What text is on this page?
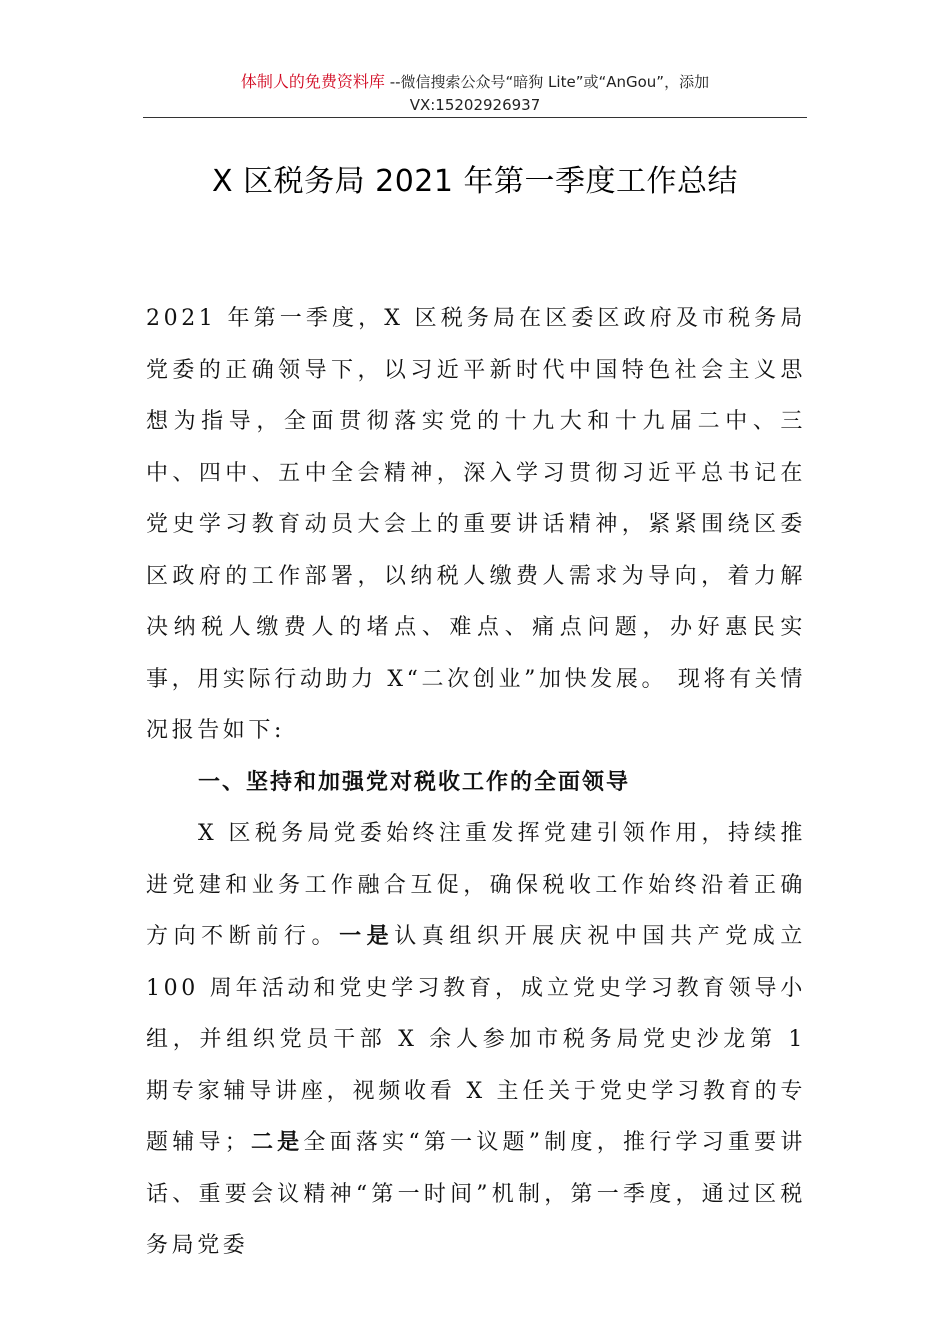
体制人的免费资料库 --微信搜索公众号“暗狗 Lite”或“AnGou”，添加
VX:15202926937
X 区税务局 2021 年第一季度工作总结

2021 年第一季度，X 区税务局在区委区政府及市税务局党委的正确领导下，以习近平新时代中国特色社会主义思想为指导，全面贯彻落实党的十九大和十九届二中、三中、四中、五中全会精神，深入学习贯彻习近平总书记在党史学习教育动员大会上的重要讲话精神，紧紧围绕区委区政府的工作部署，以纳税人缴费人需求为导向，着力解决纳税人缴费人的堵点、难点、痛点问题，办好惠民实事，用实际行动助力 X“二次创业”加快发展。 现将有关情况报告如下:

一、坚持和加强党对税收工作的全面领导

X 区税务局党委始终注重发挥党建引领作用，持续推进党建和业务工作融合互促，确保税收工作始终沿着正确方向不断前行。一是认真组织开展庆祝中国共产党成立 100 周年活动和党史学习教育，成立党史学习教育领导小组，并组织党员干部 X 余人参加市税务局党史沙龙第 1 期专家辅导讲座，视频收看 X 主任关于党史学习教育的专题辅导；二是全面落实“第一议题”制度，推行学习重要讲话、重要会议精神“第一时间”机制，第一季度，通过区税务局党委
